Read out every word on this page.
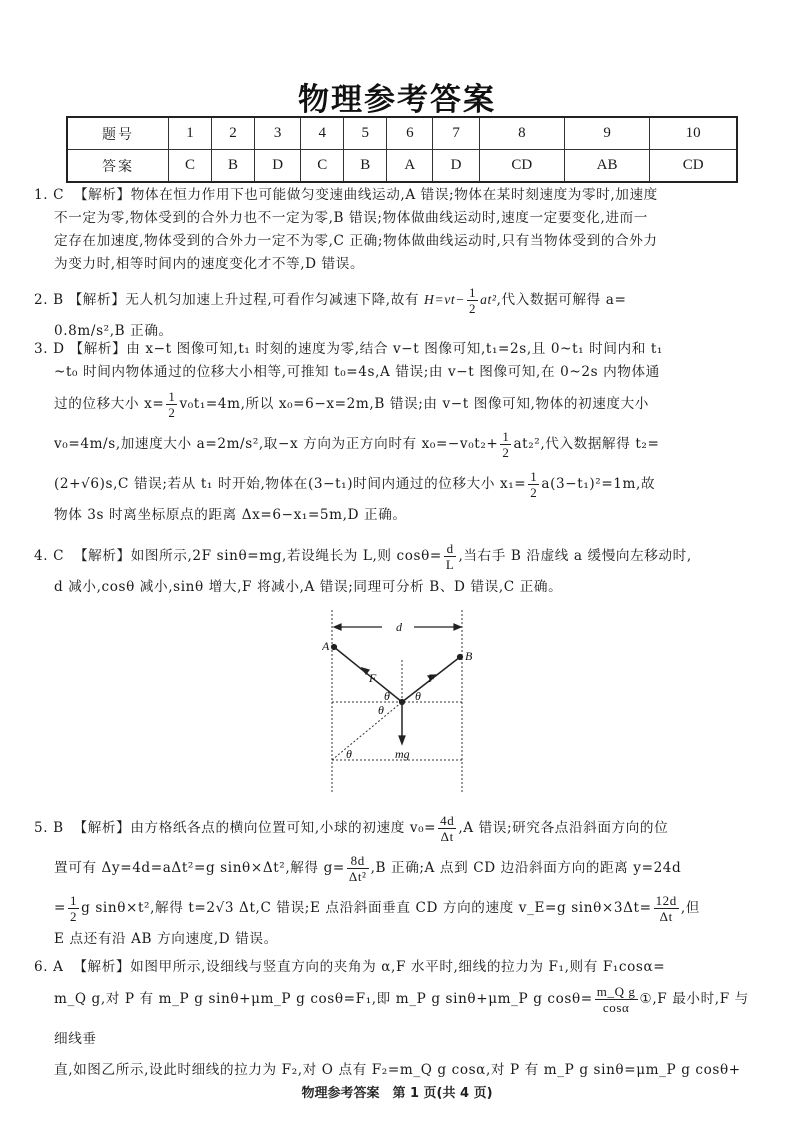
物理参考答案
题号	1	2	3	4	5	6	7	8	9	10
答案	C	B	D	C	B	A	D	CD	AB	CD
1. C 【解析】物体在恒力作用下也可能做匀变速曲线运动,A 错误;物体在某时刻速度为零时,加速度
不一定为零,物体受到的合外力也不一定为零,B 错误;物体做曲线运动时,速度一定要变化,进而一
定存在加速度,物体受到的合外力一定不为零,C 正确;物体做曲线运动时,只有当物体受到的合外力
为变力时,相等时间内的速度变化才不等,D 错误。
2. B 【解析】无人机匀加速上升过程,可看作匀减速下降,故有 $H=vt- \frac{1}{2} at^2$,代入数据可解得 a=
0.8m/s²,B 正确。
3. D 【解析】由 x−t 图像可知,t₁ 时刻的速度为零,结合 v−t 图像可知,t₁=2s,且 0~t₁ 时间内和 t₁
~t₀ 时间内物体通过的位移大小相等,可推知 t₀=4s,A 错误;由 v−t 图像可知,在 0~2s 内物体通
过的位移大小 $x= \frac{1}{2} v_0t_1=4m$,所以 x₀=6−x=2m,B 错误;由 v−t 图像可知,物体的初速度大小
v₀=4m/s,加速度大小 a=2m/s²,取−x 方向为正方向时有 $x_0=-v_0t_2+ \frac{1}{2} at_2^2$,代入数据解得 t₂=
(2+√6)s,C 错误;若从 t₁ 时开始,物体在(3−t₁)时间内通过的位移大小 $x_1= \frac{1}{2} a(3-t_1)^2=1m$,故
物体 3s 时离坐标原点的距离 Δx=6−x₁=5m,D 正确。
4. C 【解析】如图所示,2F sinθ=mg,若设绳长为 L,则 $\cos\theta= \frac{d}{L}$ ,当右手 B 沿虚线 a 缓慢向左移动时,
d 减小,cosθ 减小,sinθ 增大,F 将减小,A 错误;同理可分析 B、D 错误,C 正确。
d
A
B
F	F
θ θ
θ
θ	mg
5. B 【解析】由方格纸各点的横向位置可知,小球的初速度 $v_0= \frac{4d}{\Delta t} ,A$ 错误;研究各点沿斜面方向的位
置可有 Δy=4d=aΔt²=g sinθ×Δt²,解得 $g= \frac{8d}{\text{Δt²}} ,B$ 正确;A 点到 CD 边沿斜面方向的距离 y=24d
= $\frac{1}{2}$ g sinθ×t²,解得 t=2√3 Δt,C 错误;E 点沿斜面垂直 CD 方向的速度 v_E=g $\sin\theta\times 3\Delta t= \frac{12d}{\Delta t}$ ,但
E 点还有沿 AB 方向速度,D 错误。
6. A 【解析】如图甲所示,设细线与竖直方向的夹角为 α,F 水平时,细线的拉力为 F₁,则有 F₁cosα=
m_Q g,对 P 有 m_P g sinθ+μm_P g cosθ=F₁,即 m_P g sinθ+μm_P g $\cos\theta= \frac{\text{m\_Q g}}{\cos\alpha}$ ①,F 最小时,F 与细线垂
直,如图乙所示,设此时细线的拉力为 F₂,对 O 点有 F₂=m_Q g cosα,对 P 有 m_P g sinθ=μm_P g cosθ+
物理参考答案　第 1 页(共 4 页)
